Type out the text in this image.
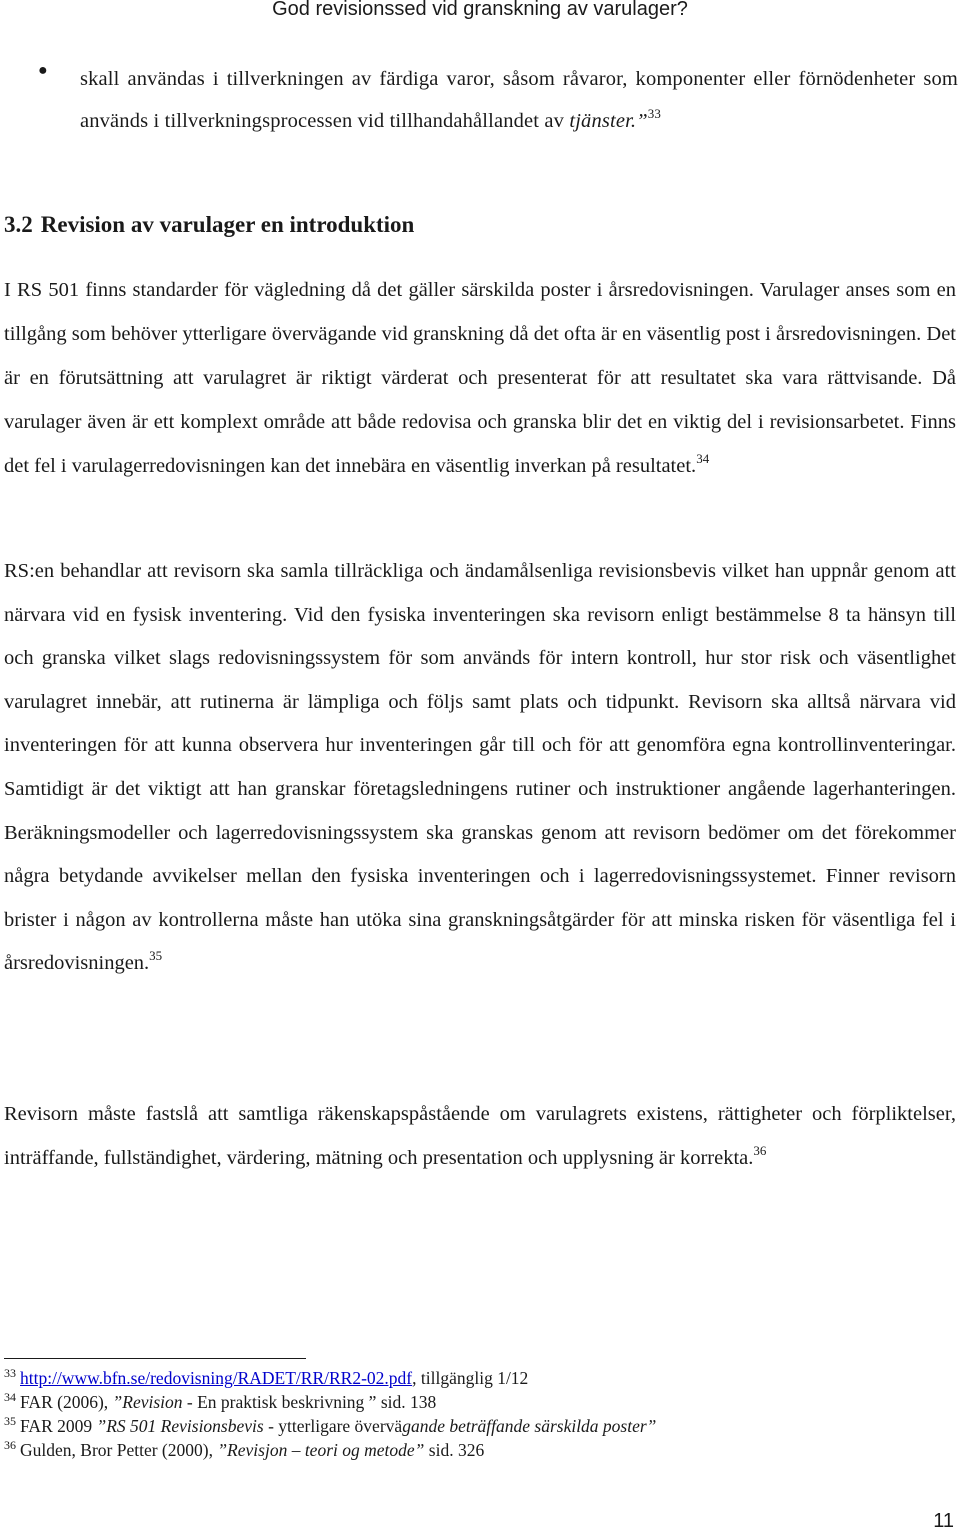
God revisionssed vid granskning av varulager?
● skall användas i tillverkningen av färdiga varor, såsom råvaror, komponenter eller förnödenheter som används i tillverkningsprocessen vid tillhandahållandet av tjänster.”$^{33}$
3.2 Revision av varulager en introduktion

I RS 501 finns standarder för vägledning då det gäller särskilda poster i årsredovisningen. Varulager anses som en tillgång som behöver ytterligare övervägande vid granskning då det ofta är en väsentlig post i årsredovisningen. Det är en förutsättning att varulagret är riktigt värderat och presenterat för att resultatet ska vara rättvisande. Då varulager även är ett komplext område att både redovisa och granska blir det en viktig del i revisionsarbetet. Finns det fel i varulagerredovisningen kan det innebära en väsentlig inverkan på resultatet.$^{34}$

RS:en behandlar att revisorn ska samla tillräckliga och ändamålsenliga revisionsbevis vilket han uppnår genom att närvara vid en fysisk inventering. Vid den fysiska inventeringen ska revisorn enligt bestämmelse 8 ta hänsyn till och granska vilket slags redovisningssystem för som används för intern kontroll, hur stor risk och väsentlighet varulagret innebär, att rutinerna är lämpliga och följs samt plats och tidpunkt. Revisorn ska alltså närvara vid inventeringen för att kunna observera hur inventeringen går till och för att genomföra egna kontrollinventeringar. Samtidigt är det viktigt att han granskar företagsledningens rutiner och instruktioner angående lagerhanteringen. Beräkningsmodeller och lagerredovisningssystem ska granskas genom att revisorn bedömer om det förekommer några betydande avvikelser mellan den fysiska inventeringen och i lagerredovisningssystemet. Finner revisorn brister i någon av kontrollerna måste han utöka sina granskningsåtgärder för att minska risken för väsentliga fel i årsredovisningen.$^{35}$

Revisorn måste fastslå att samtliga räkenskapspåstående om varulagrets existens, rättigheter och förpliktelser, inträffande, fullständighet, värdering, mätning och presentation och upplysning är korrekta.$^{36}$

$^{33}$ http://www.bfn.se/redovisning/RADET/RR/RR2-02.pdf, tillgänglig 1/12
$^{34}$ FAR (2006), ”Revision - En praktisk beskrivning ” sid. 138
$^{35}$ FAR 2009 ”RS 501 Revisionsbevis - ytterligare övervägande beträffande särskilda poster”
$^{36}$ Gulden, Bror Petter (2000), ”Revisjon – teori og metode” sid. 326
11
